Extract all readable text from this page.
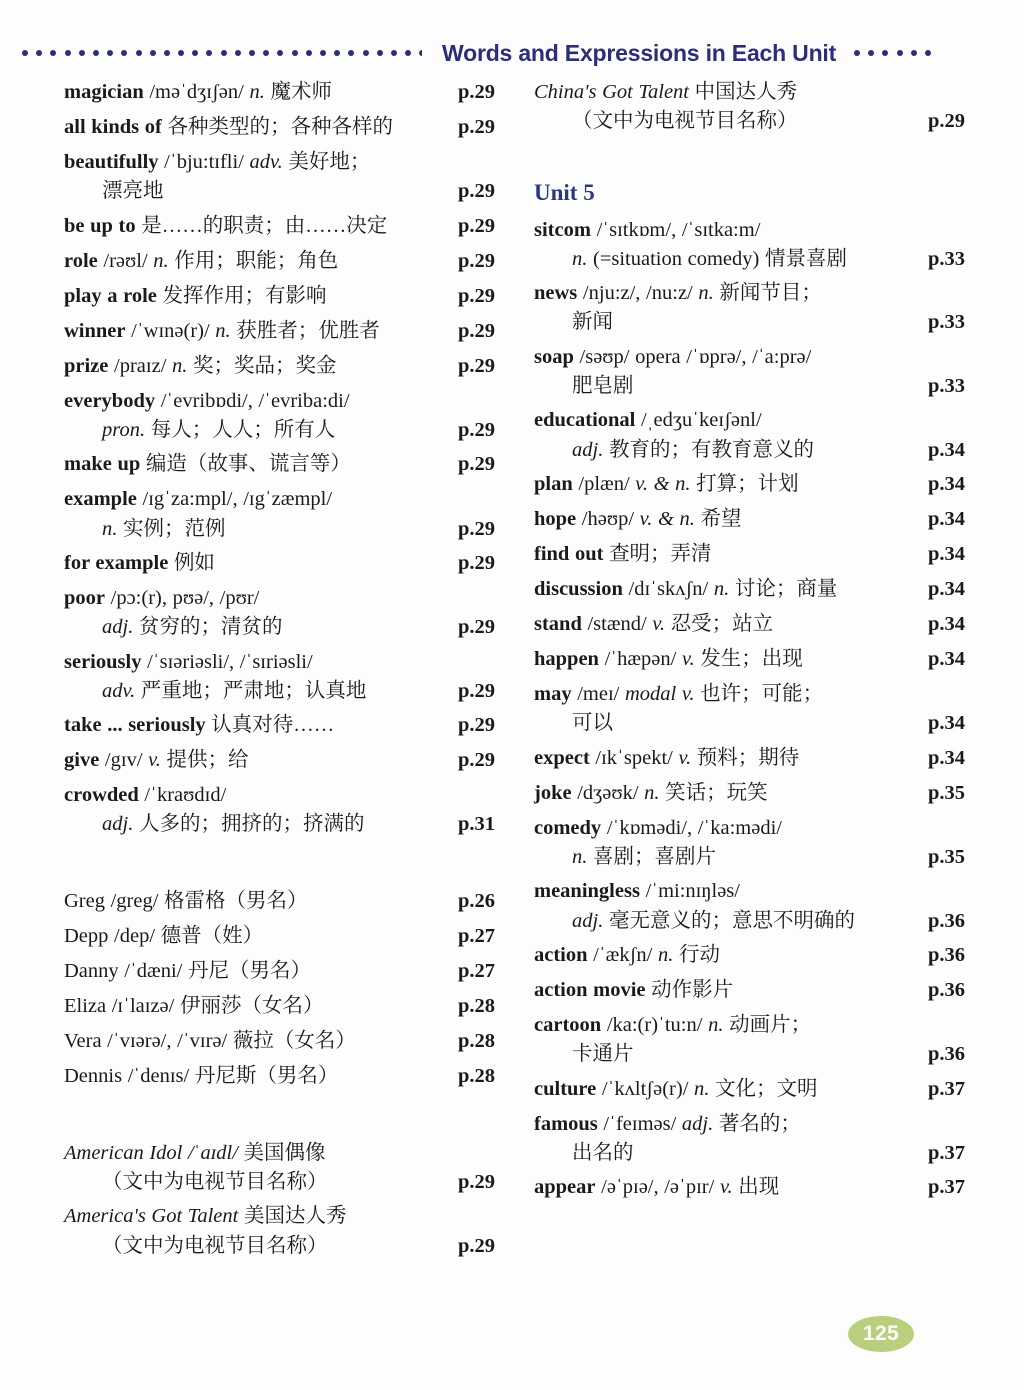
Words and Expressions in Each Unit
magician /məˈdʒɪʃən/ n. 魔术师	p.29
all kinds of 各种类型的；各种各样的	p.29
beautifully /ˈbju:tɪfli/ adv. 美好地；
漂亮地	p.29
be up to 是……的职责；由……决定	p.29
role /rəʊl/ n. 作用；职能；角色	p.29
play a role 发挥作用；有影响	p.29
winner /ˈwɪnə(r)/ n. 获胜者；优胜者	p.29
prize /praɪz/ n. 奖；奖品；奖金	p.29
everybody /ˈevribɒdi/, /ˈevriba:di/
pron. 每人；人人；所有人	p.29
make up 编造（故事、谎言等）	p.29
example /ɪgˈza:mpl/, /ɪgˈzæmpl/
n. 实例；范例	p.29
for example 例如	p.29
poor /pɔ:(r), pʊə/, /pʊr/
adj. 贫穷的；清贫的	p.29
seriously /ˈsɪəriəsli/, /ˈsɪriəsli/
adv. 严重地；严肃地；认真地	p.29
take ... seriously 认真对待……	p.29
give /gɪv/ v. 提供；给	p.29
crowded /ˈkraʊdɪd/
adj. 人多的；拥挤的；挤满的	p.31
Greg /greg/ 格雷格（男名）	p.26
Depp /dep/ 德普（姓）	p.27
Danny /ˈdæni/ 丹尼（男名）	p.27
Eliza /ɪˈlaɪzə/ 伊丽莎（女名）	p.28
Vera /ˈvɪərə/, /ˈvɪrə/ 薇拉（女名）	p.28
Dennis /ˈdenɪs/ 丹尼斯（男名）	p.28
American Idol /ˈaɪdl/ 美国偶像
（文中为电视节目名称）	p.29
America's Got Talent 美国达人秀
（文中为电视节目名称）	p.29
China's Got Talent 中国达人秀
（文中为电视节目名称）	p.29
Unit 5
sitcom /ˈsɪtkɒm/, /ˈsɪtka:m/
n. (=situation comedy) 情景喜剧	p.33
news /nju:z/, /nu:z/ n. 新闻节目；
新闻	p.33
soap /səʊp/ opera /ˈɒprə/, /ˈa:prə/
肥皂剧	p.33
educational /ˌedʒuˈkeɪʃənl/
adj. 教育的；有教育意义的	p.34
plan /plæn/ v. & n. 打算；计划	p.34
hope /həʊp/ v. & n. 希望	p.34
find out 查明；弄清	p.34
discussion /dɪˈskʌʃn/ n. 讨论；商量	p.34
stand /stænd/ v. 忍受；站立	p.34
happen /ˈhæpən/ v. 发生；出现	p.34
may /meɪ/ modal v. 也许；可能；
可以	p.34
expect /ɪkˈspekt/ v. 预料；期待	p.34
joke /dʒəʊk/ n. 笑话；玩笑	p.35
comedy /ˈkɒmədi/, /ˈka:mədi/
n. 喜剧；喜剧片	p.35
meaningless /ˈmi:nɪŋləs/
adj. 毫无意义的；意思不明确的	p.36
action /ˈækʃn/ n. 行动	p.36
action movie 动作影片	p.36
cartoon /ka:(r)ˈtu:n/ n. 动画片；
卡通片	p.36
culture /ˈkʌltʃə(r)/ n. 文化；文明	p.37
famous /ˈfeɪməs/ adj. 著名的；
出名的	p.37
appear /əˈpɪə/, /əˈpɪr/ v. 出现	p.37
125
